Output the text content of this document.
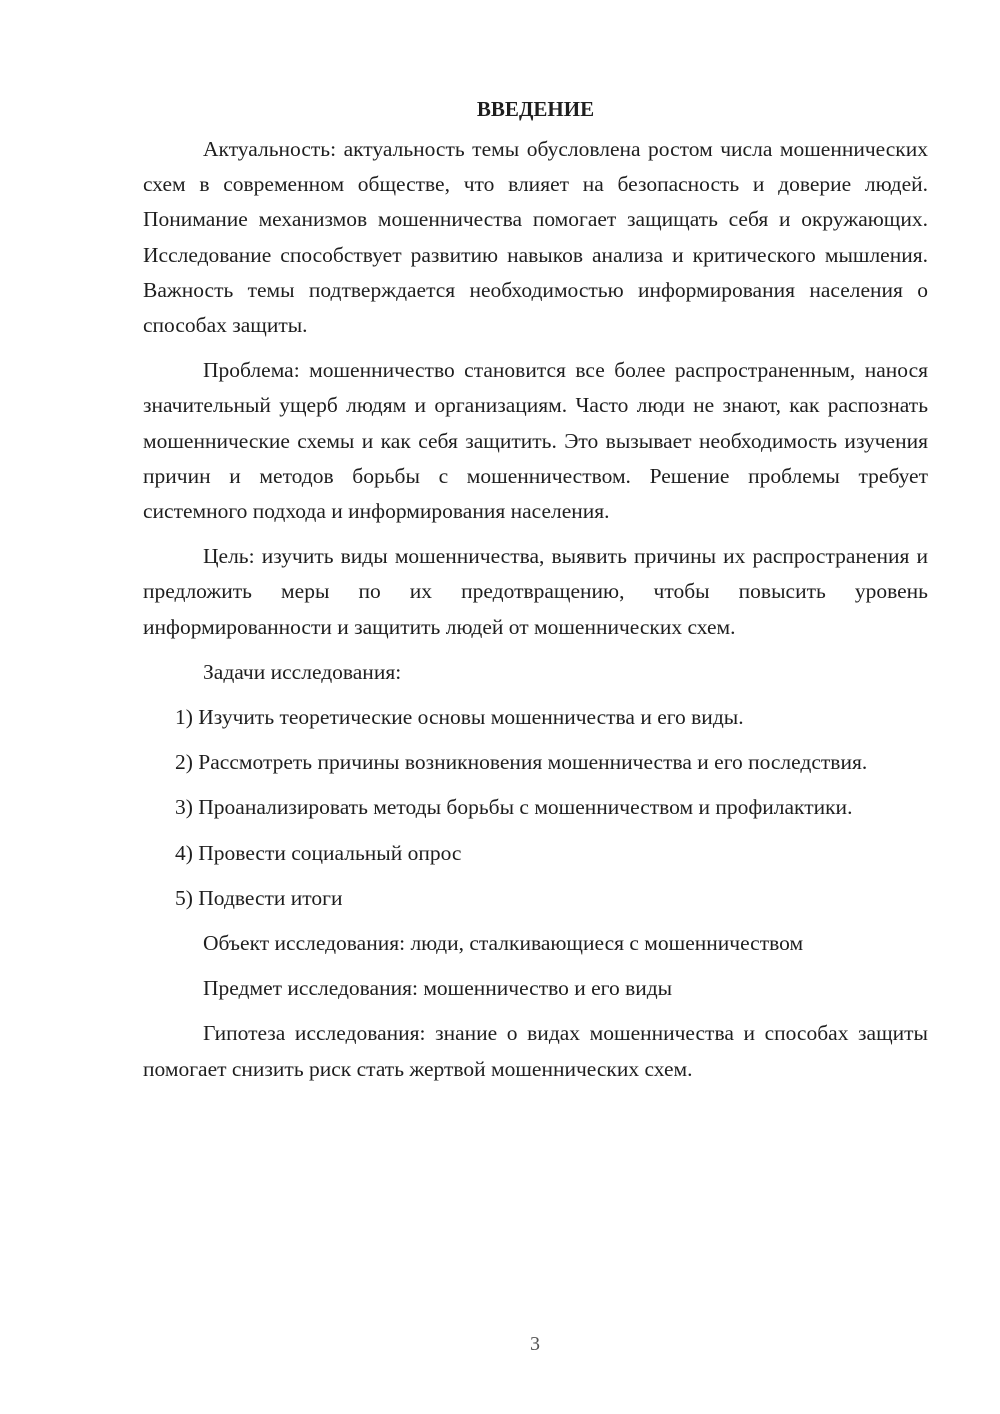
ВВЕДЕНИЕ

Актуальность: актуальность темы обусловлена ростом числа мошеннических схем в современном обществе, что влияет на безопасность и доверие людей. Понимание механизмов мошенничества помогает защищать себя и окружающих. Исследование способствует развитию навыков анализа и критического мышления. Важность темы подтверждается необходимостью информирования населения о способах защиты.

Проблема: мошенничество становится все более распространенным, нанося значительный ущерб людям и организациям. Часто люди не знают, как распознать мошеннические схемы и как себя защитить. Это вызывает необходимость изучения причин и методов борьбы с мошенничеством. Решение проблемы требует системного подхода и информирования населения.

Цель: изучить виды мошенничества, выявить причины их распространения и предложить меры по их предотвращению, чтобы повысить уровень информированности и защитить людей от мошеннических схем.

Задачи исследования:

1) Изучить теоретические основы мошенничества и его виды.

2) Рассмотреть причины возникновения мошенничества и его последствия.

3) Проанализировать методы борьбы с мошенничеством и профилактики.

4) Провести социальный опрос

5) Подвести итоги

Объект исследования: люди, сталкивающиеся с мошенничеством

Предмет исследования: мошенничество и его виды

Гипотеза исследования: знание о видах мошенничества и способах защиты помогает снизить риск стать жертвой мошеннических схем.

3
